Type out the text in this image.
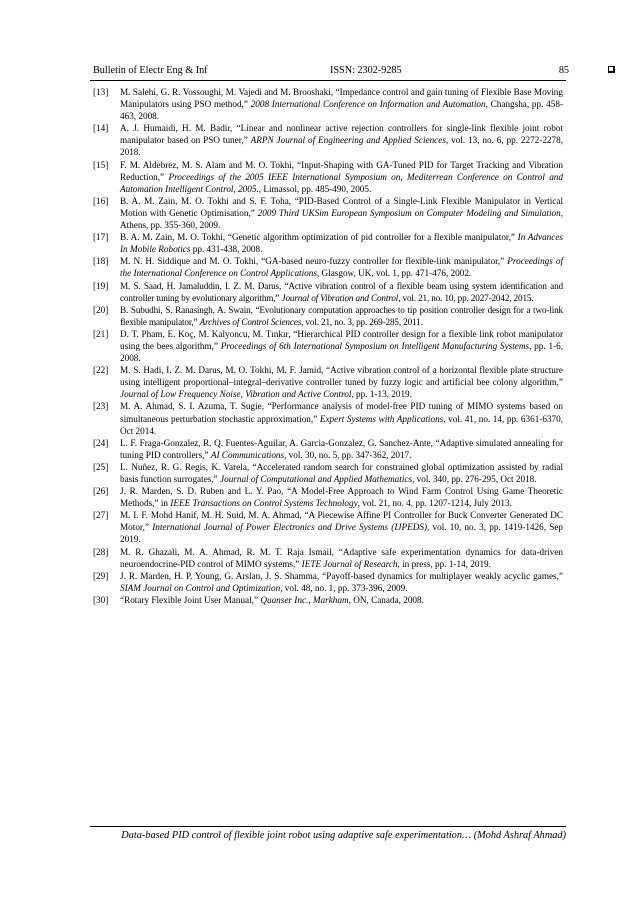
Bulletin of Electr Eng & Inf	ISSN: 2302-9285	85
[13] M. Salehi, G. R. Vossoughi, M. Vajedi and M. Brooshaki, “Impedance control and gain tuning of Flexible Base Moving Manipulators using PSO method,” 2008 International Conference on Information and Automation, Changsha, pp. 458-463, 2008.
[14] A. J. Humaidi, H. M. Badir, “Linear and nonlinear active rejection controllers for single-link flexible joint robot manipulator based on PSO tuner,” ARPN Journal of Engineering and Applied Sciences, vol. 13, no. 6, pp. 2272-2278, 2018.
[15] F. M. Aldebrez, M. S. Alam and M. O. Tokhi, “Input-Shaping with GA-Tuned PID for Target Tracking and Vibration Reduction,” Proceedings of the 2005 IEEE International Symposium on, Mediterrean Conference on Control and Automation Intelligent Control, 2005., Limassol, pp. 485-490, 2005.
[16] B. A. M. Zain, M. O. Tokhi and S. F. Toha, “PID-Based Control of a Single-Link Flexible Manipulator in Vertical Motion with Genetic Optimisation,” 2009 Third UKSim European Symposium on Computer Modeling and Simulation, Athens, pp. 355-360, 2009.
[17] B. A. M. Zain, M. O. Tokhi, “Genetic algorithm optimization of pid controller for a flexible manipulator,” In Advances In Mobile Robotics pp. 431-438, 2008.
[18] M. N. H. Siddique and M. O. Tokhi, “GA-based neuro-fuzzy controller for flexible-link manipulator,” Proceedings of the International Conference on Control Applications, Glasgow, UK, vol. 1, pp. 471-476, 2002.
[19] M. S. Saad, H. Jamaluddin, I. Z. M. Darus, “Active vibration control of a flexible beam using system identification and controller tuning by evolutionary algorithm,” Journal of Vibration and Control, vol. 21, no. 10, pp. 2027-2042, 2015.
[20] B. Subudhi, S. Ranasingh, A. Swain, “Evolutionary computation approaches to tip position controller design for a two-link flexible manipulator,” Archives of Control Sciences, vol. 21, no. 3, pp. 269-285, 2011.
[21] D. T. Pham, E. Koç, M. Kalyoncu, M. Tınkır, “Hierarchical PID controller design for a flexible link robot manipulator using the bees algorithm,” Proceedings of 6th International Symposium on Intelligent Manufacturing Systems, pp. 1-6, 2008.
[22] M. S. Hadi, I. Z. M. Darus, M. O. Tokhi, M. F. Jamid, “Active vibration control of a horizontal flexible plate structure using intelligent proportional–integral–derivative controller tuned by fuzzy logic and artificial bee colony algorithm,” Journal of Low Frequency Noise, Vibration and Active Control, pp. 1-13, 2019.
[23] M. A. Ahmad, S. I. Azuma, T. Sugie, “Performance analysis of model-free PID tuning of MIMO systems based on simultaneous perturbation stochastic approximation,” Expert Systems with Applications, vol. 41, no. 14, pp. 6361-6370, Oct 2014.
[24] L. F. Fraga-Gonzalez, R. Q. Fuentes-Aguilar, A. Garcia-Gonzalez, G. Sanchez-Ante, “Adaptive simulated annealing for tuning PID controllers,” AI Communications, vol. 30, no. 5, pp. 347-362, 2017.
[25] L. Nuñez, R. G. Regis, K. Varela, “Accelerated random search for constrained global optimization assisted by radial basis function surrogates,” Journal of Computational and Applied Mathematics, vol. 340, pp. 276-295, Oct 2018.
[26] J. R. Marden, S. D. Ruben and L. Y. Pao, “A Model-Free Approach to Wind Farm Control Using Game Theoretic Methods,” in IEEE Transactions on Control Systems Technology, vol. 21, no. 4, pp. 1207-1214, July 2013.
[27] M. I. F. Mohd Hanif, M. H. Suid, M. A. Ahmad, “A Piecewise Affine PI Controller for Buck Converter Generated DC Motor,” International Journal of Power Electronics and Drive Systems (IJPEDS), vol. 10, no. 3, pp. 1419-1426, Sep 2019.
[28] M. R. Ghazali, M. A. Ahmad, R. M. T. Raja Ismail, “Adaptive safe experimentation dynamics for data-driven neuroendocrine-PID control of MIMO systems,” IETE Journal of Research, in press, pp. 1-14, 2019.
[29] J. R. Marden, H. P. Young, G. Arslan, J. S. Shamma, “Payoff-based dynamics for multiplayer weakly acyclic games,” SIAM Journal on Control and Optimization, vol. 48, no. 1, pp. 373-396, 2009.
[30] “Rotary Flexible Joint User Manual,” Quanser Inc., Markham, ON, Canada, 2008.
Data-based PID control of flexible joint robot using adaptive safe experimentation… (Mohd Ashraf Ahmad)
